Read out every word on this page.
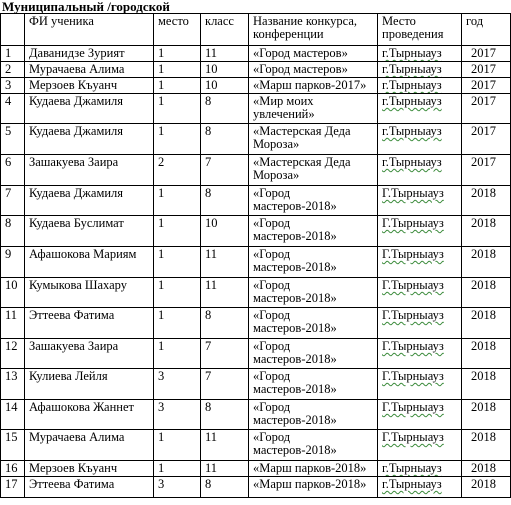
Муниципальный /городской
	ФИ ученика	место	класс	Название конкурса, конференции	Место проведения	год
1	Даванидзе Зурият	1	11	«Город мастеров»	г.Тырныауз	2017
2	Мурачаева Алима	1	10	«Город мастеров»	г.Тырныауз	2017
3	Мерзоев Къуанч	1	10	«Марш парков-2017»	г.Тырныауз	2017
4	Кудаева Джамиля	1	8	«Мир моих увлечений»	г.Тырныауз	2017
5	Кудаева Джамиля	1	8	«Мастерская Деда Мороза»	г.Тырныауз	2017
6	Зашакуева Заира	2	7	«Мастерская Деда Мороза»	г.Тырныауз	2017
7	Кудаева Джамиля	1	8	«Город мастеров-2018»	Г.Тырныауз	2018
8	Кудаева Буслимат	1	10	«Город мастеров-2018»	Г.Тырныауз	2018
9	Афашокова Мариям	1	11	«Город мастеров-2018»	Г.Тырныауз	2018
10	Кумыкова Шахару	1	11	«Город мастеров-2018»	Г.Тырныауз	2018
11	Эттеева Фатима	1	8	«Город мастеров-2018»	Г.Тырныауз	2018
12	Зашакуева Заира	1	7	«Город мастеров-2018»	Г.Тырныауз	2018
13	Кулиева Лейля	3	7	«Город мастеров-2018»	Г.Тырныауз	2018
14	Афашокова Жаннет	3	8	«Город мастеров-2018»	Г.Тырныауз	2018
15	Мурачаева Алима	1	11	«Город мастеров-2018»	Г.Тырныауз	2018
16	Мерзоев Къуанч	1	11	«Марш парков-2018»	г.Тырныауз	2018
17	Эттеева Фатима	3	8	«Марш парков-2018»	г.Тырныауз	2018
